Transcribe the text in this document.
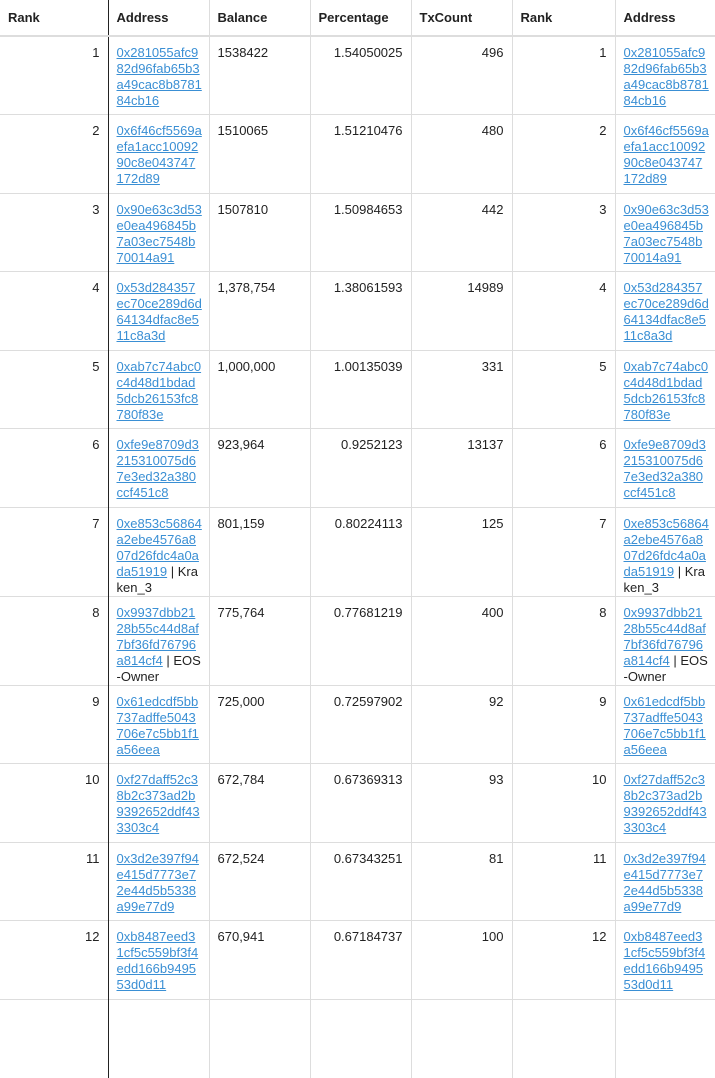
Rank	Address	Balance	Percentage	TxCount	Rank	Address
1	0x281055afc982d96fab65b3a49cac8b878184cb16	1538422	1.54050025	496	1	0x281055afc982d96fab65b3a49cac8b878184cb16

2	0x6f46cf5569aefa1acc1009290c8e043747172d89	1510065	1.51210476	480	2	0x6f46cf5569aefa1acc1009290c8e043747172d89

3	0x90e63c3d53e0ea496845b7a03ec7548b70014a91	1507810	1.50984653	442	3	0x90e63c3d53e0ea496845b7a03ec7548b70014a91

4	0x53d284357ec70ce289d6d64134dfac8e511c8a3d	1,378,754	1.38061593	14989	4	0x53d284357ec70ce289d6d64134dfac8e511c8a3d

5	0xab7c74abc0c4d48d1bdad5dcb26153fc8780f83e	1,000,000	1.00135039	331	5	0xab7c74abc0c4d48d1bdad5dcb26153fc8780f83e

6	0xfe9e8709d3215310075d67e3ed32a380ccf451c8	923,964	0.9252123	13137	6	0xfe9e8709d3215310075d67e3ed32a380ccf451c8

7	0xe853c56864a2ebe4576a807d26fdc4a0ada51919 | Kraken_3	801,159	0.80224113	125	7	0xe853c56864a2ebe4576a807d26fdc4a0ada51919 | Kraken_3

8	0x9937dbb2128b55c44d8af7bf36fd76796a814cf4 | EOS-Owner	775,764	0.77681219	400	8	0x9937dbb2128b55c44d8af7bf36fd76796a814cf4 | EOS-Owner

9	0x61edcdf5bb737adffe5043706e7c5bb1f1a56eea	725,000	0.72597902	92	9	0x61edcdf5bb737adffe5043706e7c5bb1f1a56eea

10	0xf27daff52c38b2c373ad2b9392652ddf433303c4	672,784	0.67369313	93	10	0xf27daff52c38b2c373ad2b9392652ddf433303c4

11	0x3d2e397f94e415d7773e72e44d5b5338a99e77d9	672,524	0.67343251	81	11	0x3d2e397f94e415d7773e72e44d5b5338a99e77d9

12	0xb8487eed31cf5c559bf3f4edd166b949553d0d11	670,941	0.67184737	100	12	0xb8487eed31cf5c559bf3f4edd166b949553d0d11
